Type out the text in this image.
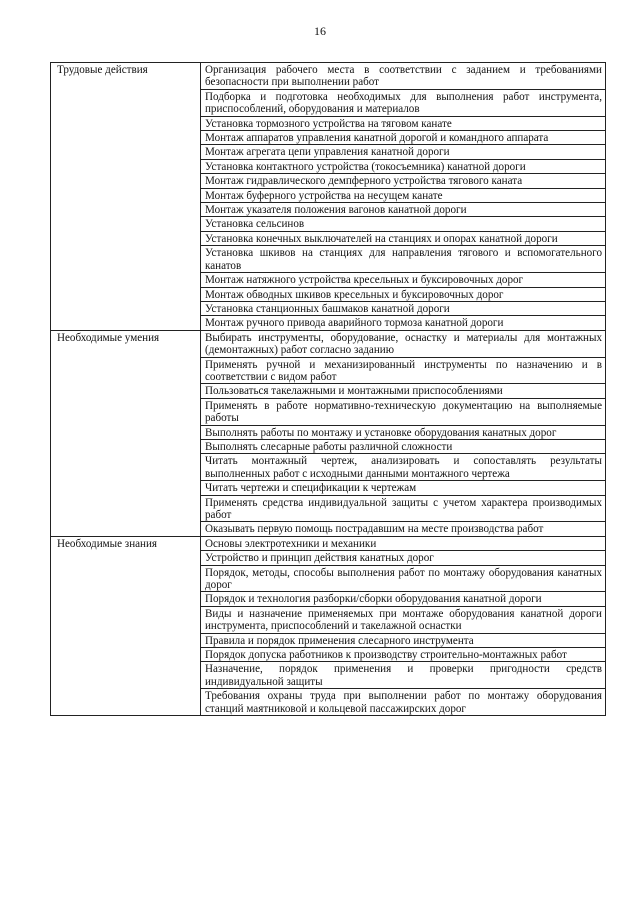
16
Трудовые действия	Организация рабочего места в соответствии с заданием и требованиями безопасности при выполнении работ
	Подборка и подготовка необходимых для выполнения работ инструмента, приспособлений, оборудования и материалов
	Установка тормозного устройства на тяговом канате
	Монтаж аппаратов управления канатной дорогой и командного аппарата
	Монтаж агрегата цепи управления канатной дороги
	Установка контактного устройства (токосъемника) канатной дороги
	Монтаж гидравлического демпферного устройства тягового каната
	Монтаж буферного устройства на несущем канате
	Монтаж указателя положения вагонов канатной дороги
	Установка сельсинов
	Установка конечных выключателей на станциях и опорах канатной дороги
	Установка шкивов на станциях для направления тягового и вспомогательного канатов
	Монтаж натяжного устройства кресельных и буксировочных дорог
	Монтаж обводных шкивов кресельных и буксировочных дорог
	Установка станционных башмаков канатной дороги
	Монтаж ручного привода аварийного тормоза канатной дороги
Необходимые умения	Выбирать инструменты, оборудование, оснастку и материалы для монтажных (демонтажных) работ согласно заданию
	Применять ручной и механизированный инструменты по назначению и в соответствии с видом работ
	Пользоваться такелажными и монтажными приспособлениями
	Применять в работе нормативно-техническую документацию на выполняемые работы
	Выполнять работы по монтажу и установке оборудования канатных дорог
	Выполнять слесарные работы различной сложности
	Читать монтажный чертеж, анализировать и сопоставлять результаты выполненных работ с исходными данными монтажного чертежа
	Читать чертежи и спецификации к чертежам
	Применять средства индивидуальной защиты с учетом характера производимых работ
	Оказывать первую помощь пострадавшим на месте производства работ
Необходимые знания	Основы электротехники и механики
	Устройство и принцип действия канатных дорог
	Порядок, методы, способы выполнения работ по монтажу оборудования канатных дорог
	Порядок и технология разборки/сборки оборудования канатной дороги
	Виды и назначение применяемых при монтаже оборудования канатной дороги инструмента, приспособлений и такелажной оснастки
	Правила и порядок применения слесарного инструмента
	Порядок допуска работников к производству строительно-монтажных работ
	Назначение, порядок применения и проверки пригодности средств индивидуальной защиты
	Требования охраны труда при выполнении работ по монтажу оборудования станций маятниковой и кольцевой пассажирских дорог
